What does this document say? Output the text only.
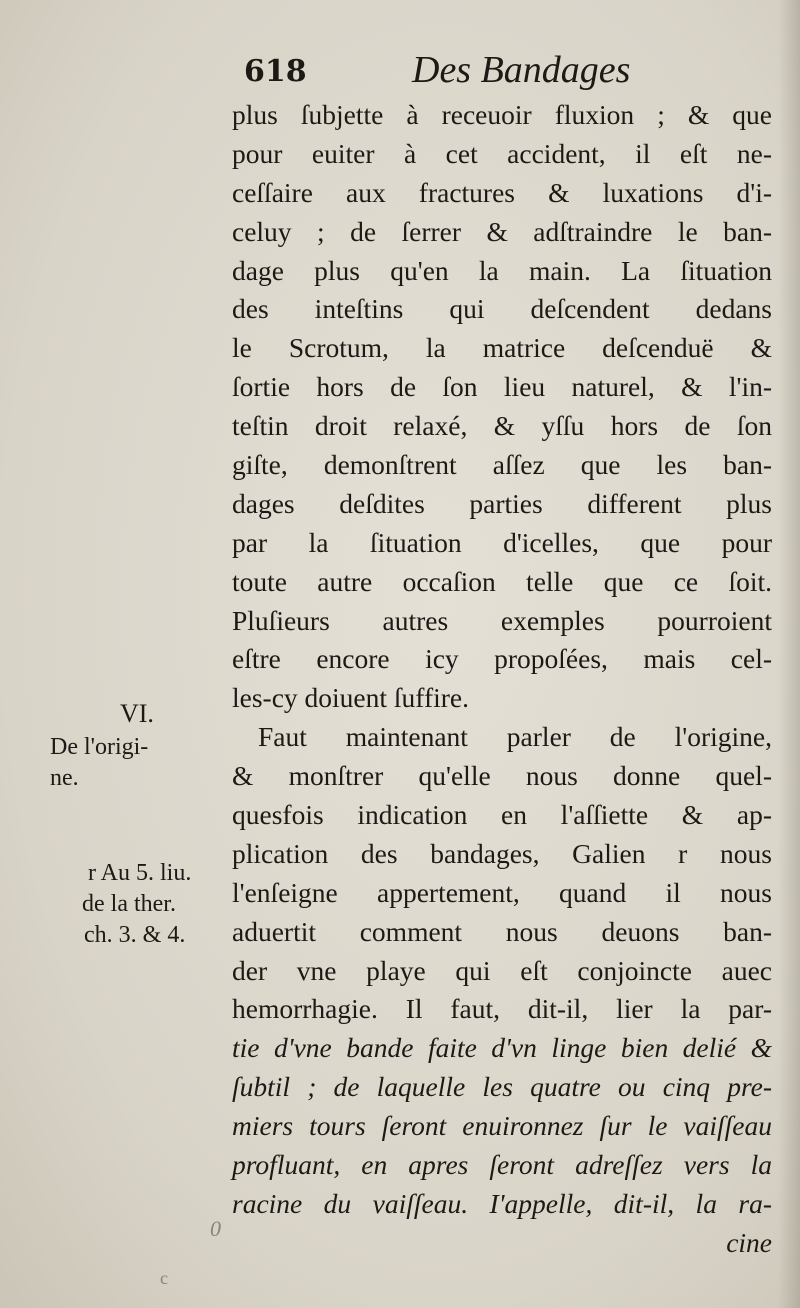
618	Des Bandages
plus ſubjette à receuoir fluxion ; & que
pour euiter à cet accident, il eſt ne-
ceſſaire aux fractures & luxations d'i-
celuy ; de ſerrer & adſtraindre le ban-
dage plus qu'en la main. La ſituation
des inteſtins qui deſcendent dedans
le Scrotum, la matrice deſcenduë &
ſortie hors de ſon lieu naturel, & l'in-
teſtin droit relaxé, & yſſu hors de ſon
giſte, demonſtrent aſſez que les ban-
dages deſdites parties different plus
par la ſituation d'icelles, que pour
toute autre occaſion telle que ce ſoit.
Pluſieurs autres exemples pourroient
eſtre encore icy propoſées, mais cel-
les-cy doiuent ſuffire.
Faut maintenant parler de l'origine,
& monſtrer qu'elle nous donne quel-
quesfois indication en l'aſſiette & ap-
plication des bandages, Galien r nous
l'enſeigne appertement, quand il nous
aduertit comment nous deuons ban-
der vne playe qui eſt conjoincte auec
hemorrhagie. Il faut, dit-il, lier la par-
tie d'vne bande faite d'vn linge bien delié &
ſubtil ; de laquelle les quatre ou cinq pre-
miers tours ſeront enuironnez ſur le vaiſſeau
profluant, en apres ſeront adreſſez vers la
racine du vaiſſeau. I'appelle, dit-il, la ra-
cine
VI.
De l'origi-
ne.
r Au 5. liu.
de la ther.
ch. 3. & 4.
c
0
